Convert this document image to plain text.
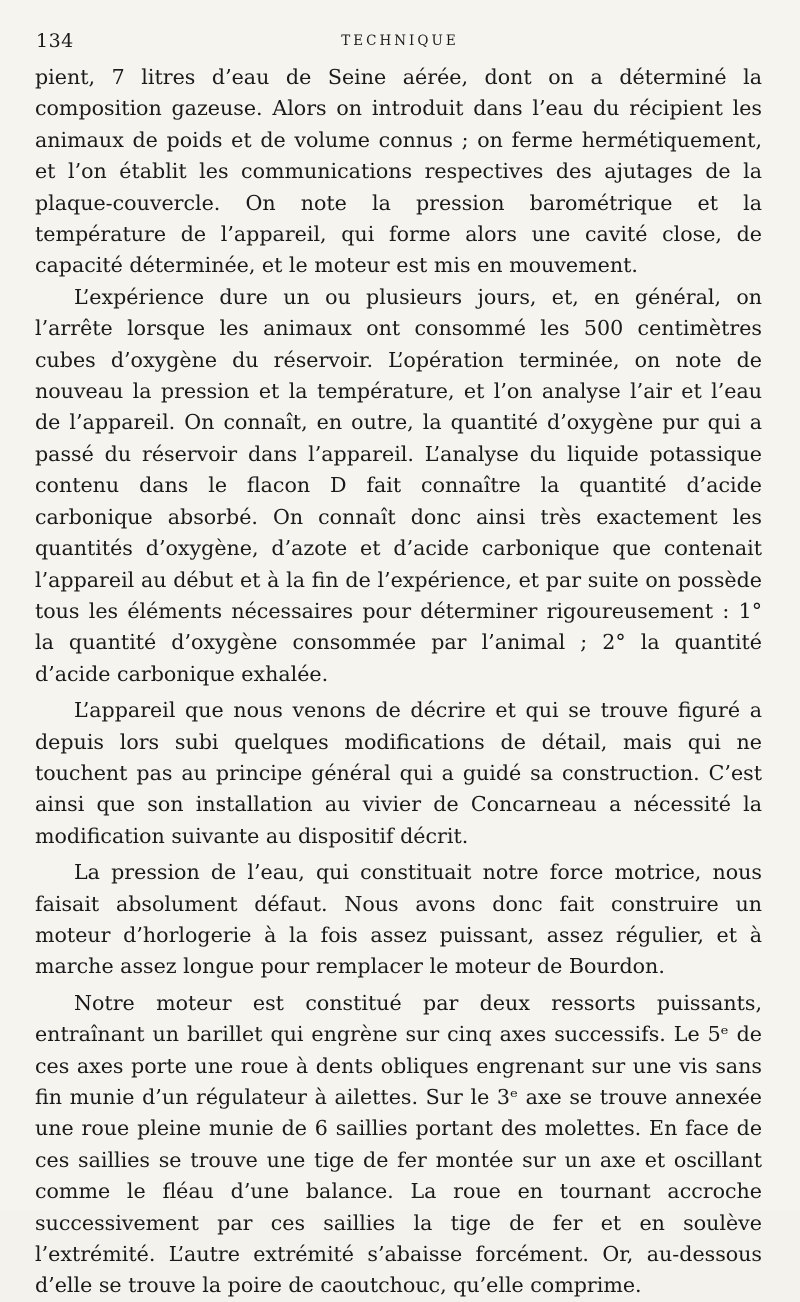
134	TECHNIQUE

pient, 7 litres d’eau de Seine aérée, dont on a déterminé la composition gazeuse. Alors on introduit dans l’eau du récipient les animaux de poids et de volume connus ; on ferme hermétiquement, et l’on établit les communications respectives des ajutages de la plaque-couvercle. On note la pression barométrique et la température de l’appareil, qui forme alors une cavité close, de capacité déterminée, et le moteur est mis en mouvement.

L’expérience dure un ou plusieurs jours, et, en général, on l’arrête lorsque les animaux ont consommé les 500 centimètres cubes d’oxygène du réservoir. L’opération terminée, on note de nouveau la pression et la température, et l’on analyse l’air et l’eau de l’appareil. On connaît, en outre, la quantité d’oxygène pur qui a passé du réservoir dans l’appareil. L’analyse du liquide potassique contenu dans le flacon D fait connaître la quantité d’acide carbonique absorbé. On connaît donc ainsi très exactement les quantités d’oxygène, d’azote et d’acide carbonique que contenait l’appareil au début et à la fin de l’expérience, et par suite on possède tous les éléments nécessaires pour déterminer rigoureusement : 1° la quantité d’oxygène consommée par l’animal ; 2° la quantité d’acide carbonique exhalée.

L’appareil que nous venons de décrire et qui se trouve figuré a depuis lors subi quelques modifications de détail, mais qui ne touchent pas au principe général qui a guidé sa construction. C’est ainsi que son installation au vivier de Concarneau a nécessité la modification suivante au dispositif décrit.

La pression de l’eau, qui constituait notre force motrice, nous faisait absolument défaut. Nous avons donc fait construire un moteur d’horlogerie à la fois assez puissant, assez régulier, et à marche assez longue pour remplacer le moteur de Bourdon.

Notre moteur est constitué par deux ressorts puissants, entraînant un barillet qui engrène sur cinq axes successifs. Le 5ᵉ de ces axes porte une roue à dents obliques engrenant sur une vis sans fin munie d’un régulateur à ailettes. Sur le 3ᵉ axe se trouve annexée une roue pleine munie de 6 saillies portant des molettes. En face de ces saillies se trouve une tige de fer montée sur un axe et oscillant comme le fléau d’une balance. La roue en tournant accroche successivement par ces saillies la tige de fer et en soulève l’extrémité. L’autre extrémité s’abaisse forcément. Or, au-dessous d’elle se trouve la poire de caoutchouc, qu’elle comprime.
